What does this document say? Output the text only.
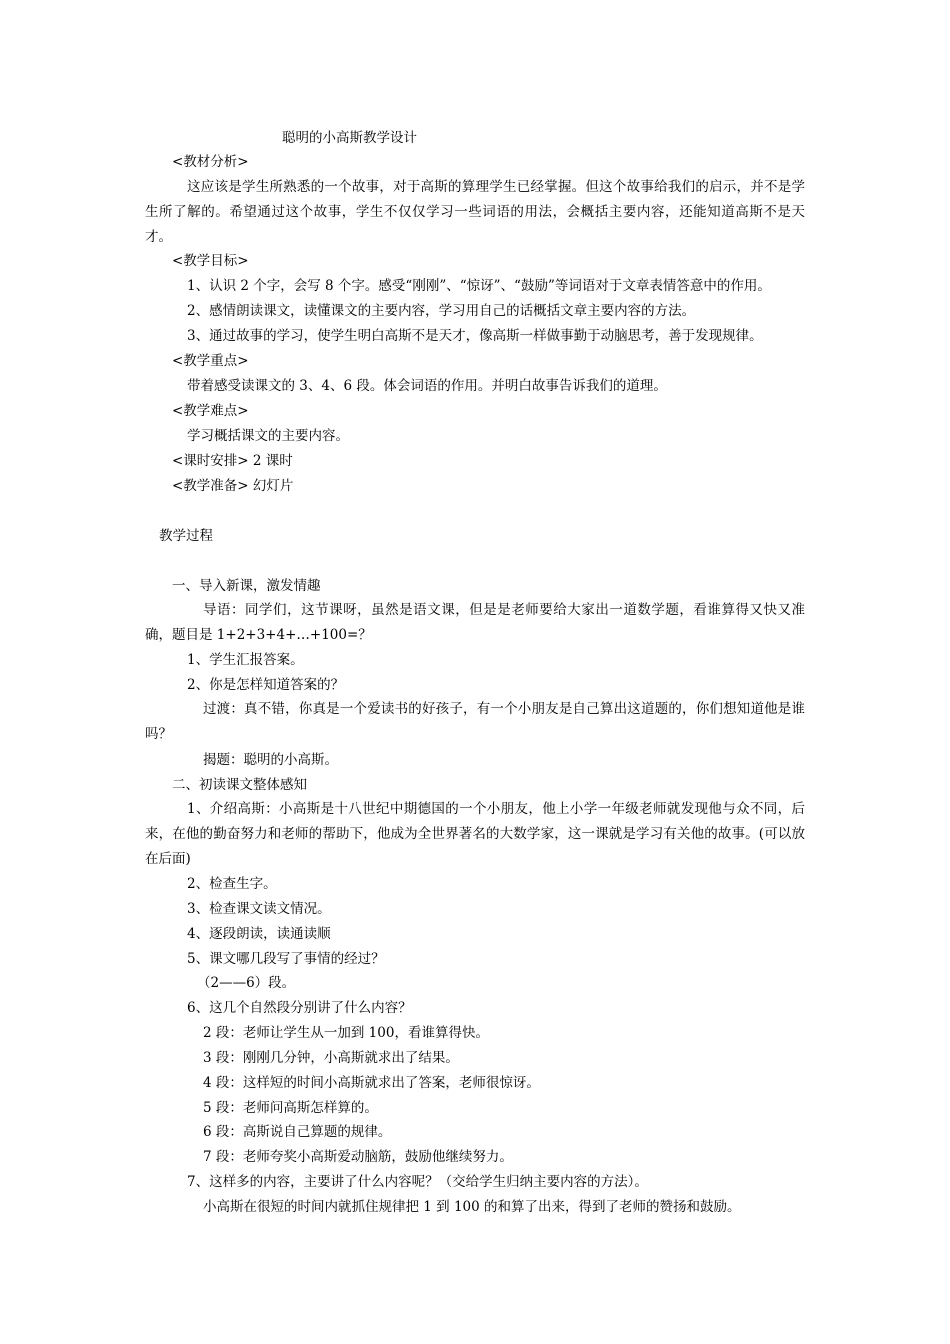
聪明的小高斯教学设计
<教材分析>
这应该是学生所熟悉的一个故事，对于高斯的算理学生已经掌握。但这个故事给我们的启示，并不是学生所了解的。希望通过这个故事，学生不仅仅学习一些词语的用法，会概括主要内容，还能知道高斯不是天才。
<教学目标>
1、认识 2 个字，会写 8 个字。感受“刚刚”、“惊讶”、“鼓励”等词语对于文章表情答意中的作用。
2、感情朗读课文，读懂课文的主要内容，学习用自己的话概括文章主要内容的方法。
3、通过故事的学习，使学生明白高斯不是天才，像高斯一样做事勤于动脑思考，善于发现规律。
<教学重点>
带着感受读课文的 3、4、6 段。体会词语的作用。并明白故事告诉我们的道理。
<教学难点>
学习概括课文的主要内容。
<课时安排> 2 课时
<教学准备> 幻灯片
教学过程
一、导入新课，激发情趣
导语：同学们，这节课呀，虽然是语文课，但是是老师要给大家出一道数学题，看谁算得又快又准确，题目是 1+2+3+4+…+100=？
1、学生汇报答案。
2、你是怎样知道答案的？
过渡：真不错，你真是一个爱读书的好孩子，有一个小朋友是自己算出这道题的，你们想知道他是谁吗？
揭题：聪明的小高斯。
二、初读课文整体感知
1、介绍高斯：小高斯是十八世纪中期德国的一个小朋友，他上小学一年级老师就发现他与众不同，后来，在他的勤奋努力和老师的帮助下，他成为全世界著名的大数学家，这一课就是学习有关他的故事。(可以放在后面)
2、检查生字。
3、检查课文读文情况。
4、逐段朗读，读通读顺
5、课文哪几段写了事情的经过？
（2——6）段。
6、这几个自然段分别讲了什么内容？
2 段：老师让学生从一加到 100，看谁算得快。
3 段：刚刚几分钟，小高斯就求出了结果。
4 段：这样短的时间小高斯就求出了答案，老师很惊讶。
5 段：老师问高斯怎样算的。
6 段：高斯说自己算题的规律。
7 段：老师夸奖小高斯爱动脑筋，鼓励他继续努力。
7、这样多的内容，主要讲了什么内容呢？（交给学生归纳主要内容的方法）。
小高斯在很短的时间内就抓住规律把 1 到 100 的和算了出来，得到了老师的赞扬和鼓励。
